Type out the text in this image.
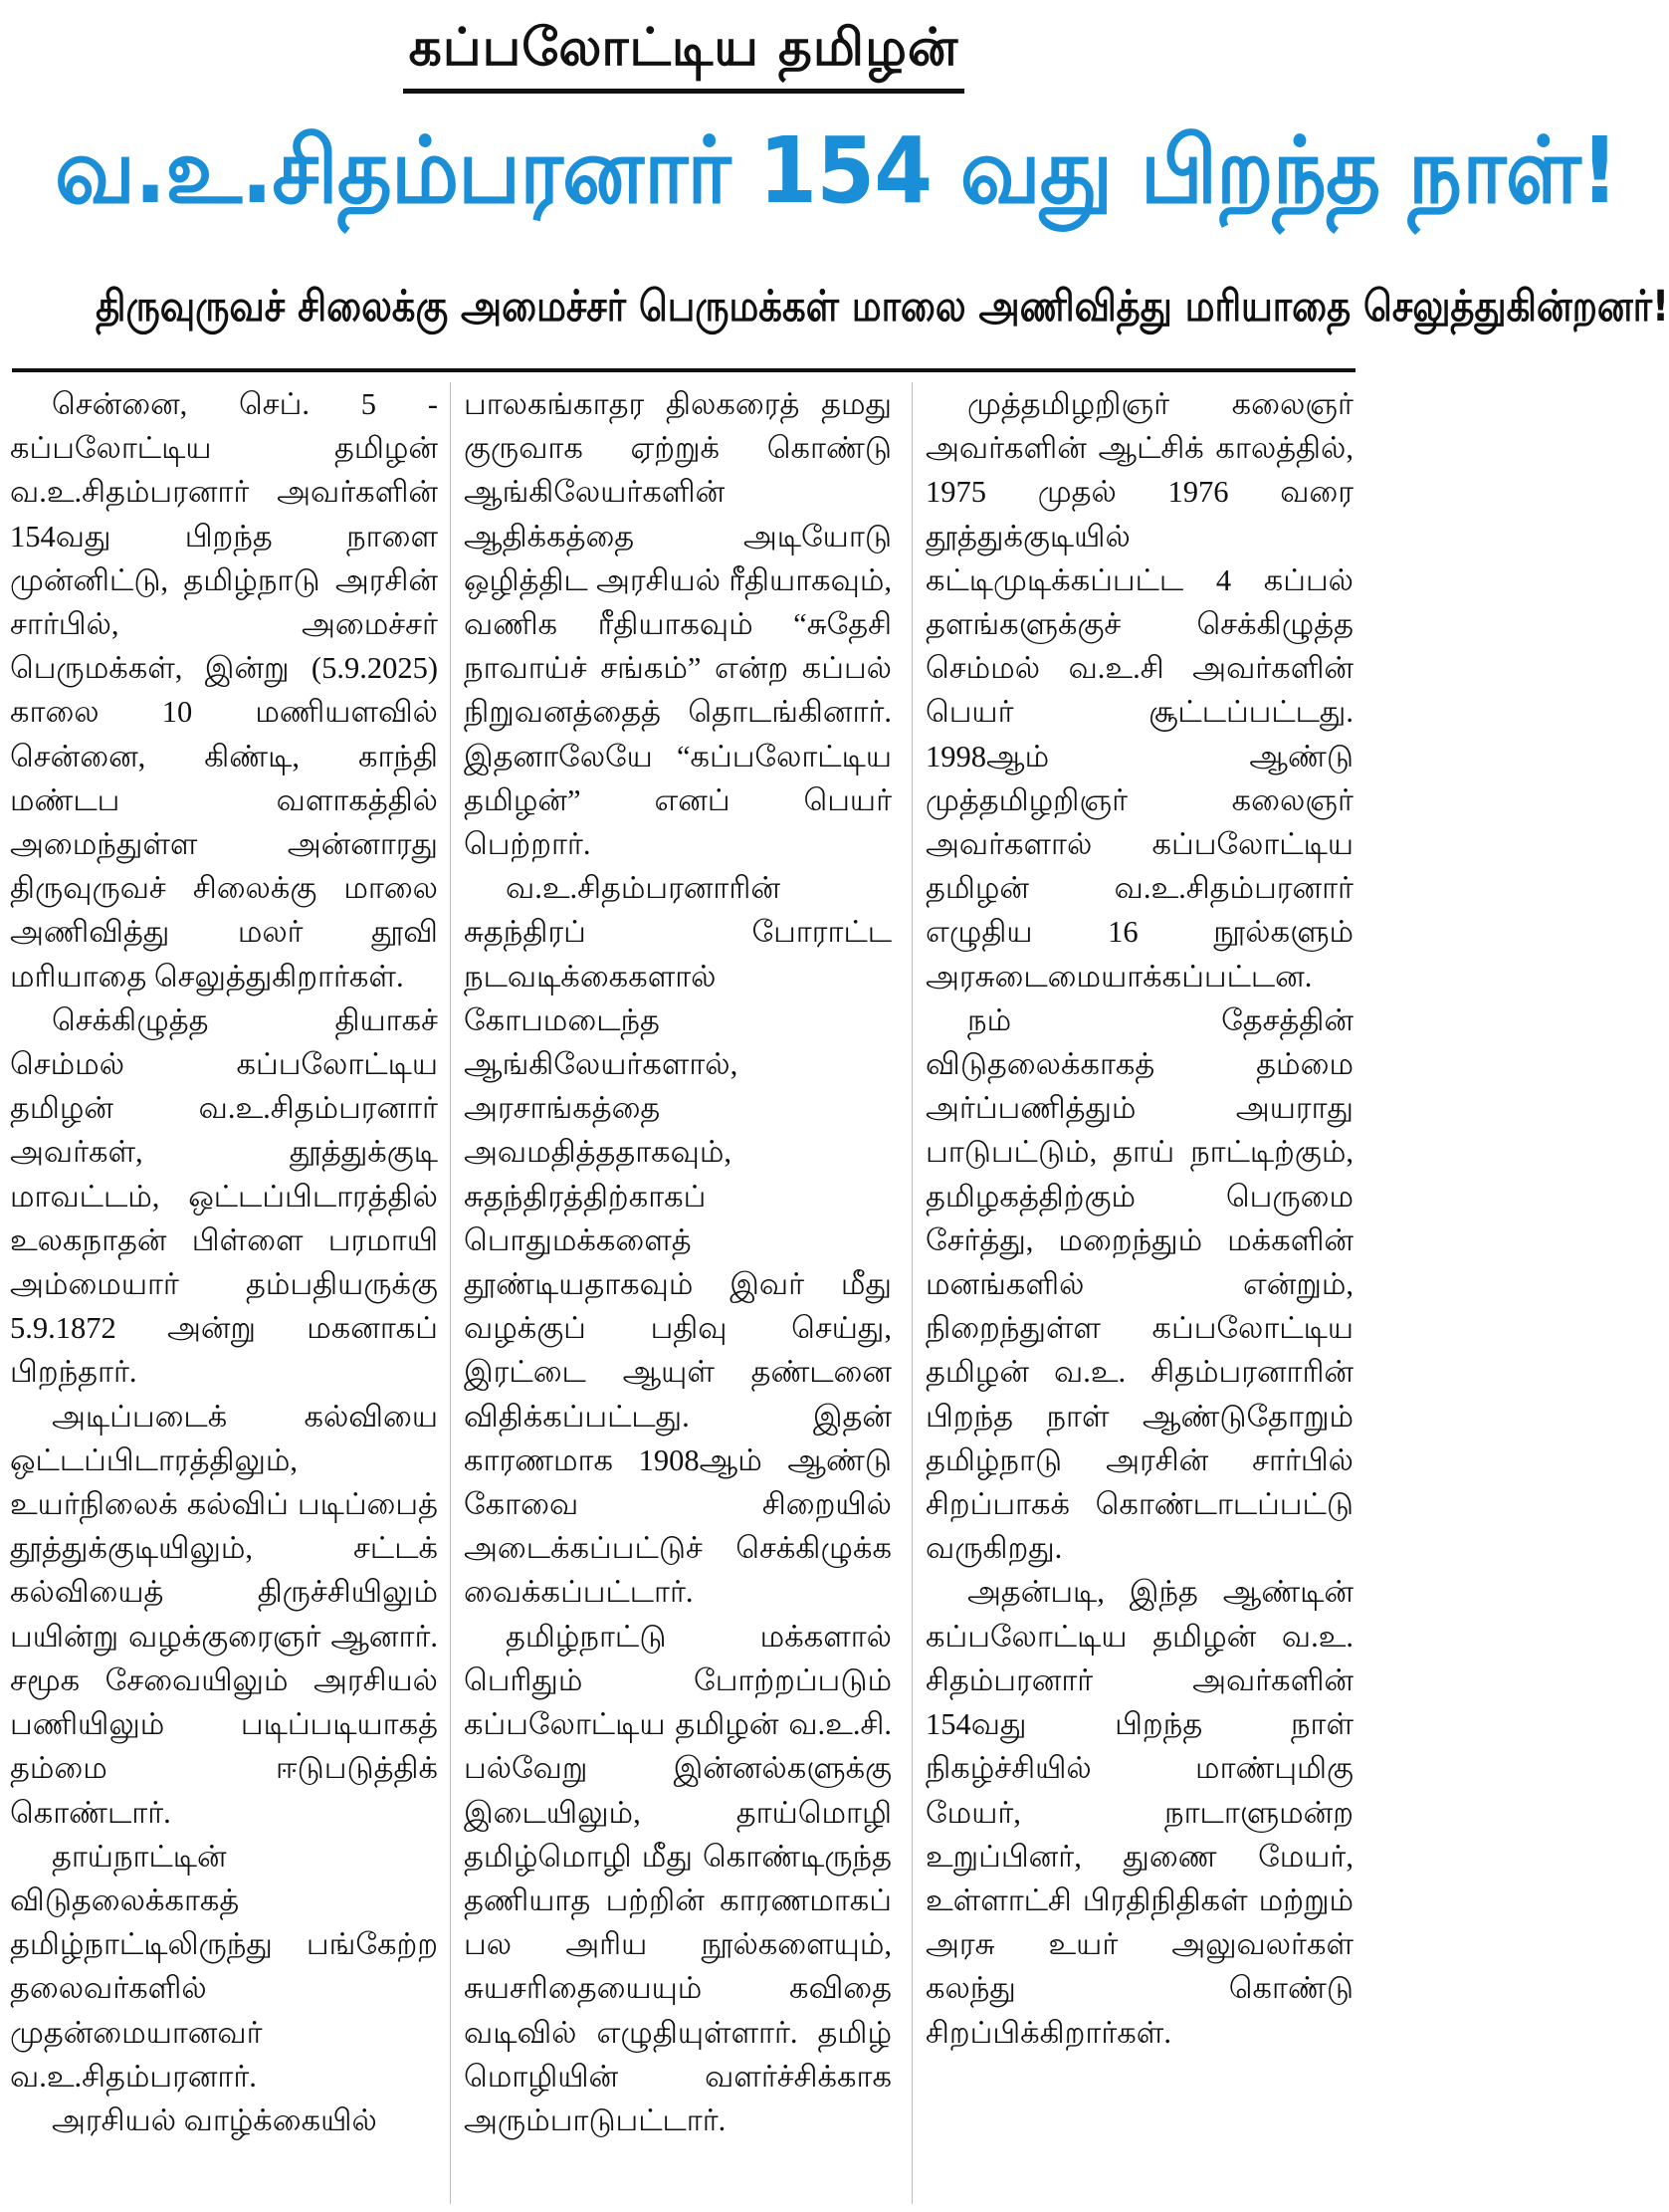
கப்பலோட்டிய தமிழன்
வ.உ.சிதம்பரனார் 154 வது பிறந்த நாள்!
திருவுருவச் சிலைக்கு அமைச்சர் பெருமக்கள் மாலை அணிவித்து மரியாதை செலுத்துகின்றனர்!

சென்னை, செப். 5 - கப்பலோட்டிய தமிழன் வ.உ.சிதம்பரனார் அவர்களின் 154வது பிறந்த நாளை முன்னிட்டு, தமிழ்நாடு அரசின் சார்பில், அமைச்சர் பெருமக்கள், இன்று (5.9.2025) காலை 10 மணியளவில் சென்னை, கிண்டி, காந்தி மண்டப வளாகத்தில் அமைந்துள்ள அன்னாரது திருவுருவச் சிலைக்கு மாலை அணிவித்து மலர் தூவி மரியாதை செலுத்துகிறார்கள்.

செக்கிழுத்த தியாகச் செம்மல் கப்பலோட்டிய தமிழன் வ.உ.சிதம்பரனார் அவர்கள், தூத்துக்குடி மாவட்டம், ஒட்டப்பிடாரத்தில் உலகநாதன் பிள்ளை பரமாயி அம்மையார் தம்பதியருக்கு 5.9.1872 அன்று மகனாகப் பிறந்தார்.

அடிப்படைக் கல்வியை ஒட்டப்பிடாரத்திலும், உயர்நிலைக் கல்விப் படிப்பைத் தூத்துக்குடியிலும், சட்டக் கல்வியைத் திருச்சியிலும் பயின்று வழக்குரைஞர் ஆனார். சமூக சேவையிலும் அரசியல் பணியிலும் படிப்படியாகத் தம்மை ஈடுபடுத்திக் கொண்டார்.

தாய்நாட்டின் விடுதலைக்காகத் தமிழ்நாட்டிலிருந்து பங்கேற்ற தலைவர்களில் முதன்மையானவர் வ.உ.சிதம்பரனார்.

அரசியல் வாழ்க்கையில்

பாலகங்காதர திலகரைத் தமது குருவாக ஏற்றுக் கொண்டு ஆங்கிலேயர்களின் ஆதிக்கத்தை அடியோடு ஒழித்திட அரசியல் ரீதியாகவும், வணிக ரீதியாகவும் “சுதேசி நாவாய்ச் சங்கம்” என்ற கப்பல் நிறுவனத்தைத் தொடங்கினார். இதனாலேயே “கப்பலோட்டிய தமிழன்” எனப் பெயர் பெற்றார்.

வ.உ.சிதம்பரனாரின் சுதந்திரப் போராட்ட நடவடிக்கைகளால் கோபமடைந்த ஆங்கிலேயர்களால், அரசாங்கத்தை அவமதித்ததாகவும், சுதந்திரத்திற்காகப் பொதுமக்களைத் தூண்டியதாகவும் இவர் மீது வழக்குப் பதிவு செய்து, இரட்டை ஆயுள் தண்டனை விதிக்கப்பட்டது. இதன் காரணமாக 1908ஆம் ஆண்டு கோவை சிறையில் அடைக்கப்பட்டுச் செக்கிழுக்க வைக்கப்பட்டார்.

தமிழ்நாட்டு மக்களால் பெரிதும் போற்றப்படும் கப்பலோட்டிய தமிழன் வ.உ.சி. பல்வேறு இன்னல்களுக்கு இடையிலும், தாய்மொழி தமிழ்மொழி மீது கொண்டிருந்த தணியாத பற்றின் காரணமாகப் பல அரிய நூல்களையும், சுயசரிதையையும் கவிதை வடிவில் எழுதியுள்ளார். தமிழ் மொழியின் வளர்ச்சிக்காக அரும்பாடுபட்டார்.

முத்தமிழறிஞர் கலைஞர் அவர்களின் ஆட்சிக் காலத்தில், 1975 முதல் 1976 வரை தூத்துக்குடியில் கட்டிமுடிக்கப்பட்ட 4 கப்பல் தளங்களுக்குச் செக்கிழுத்த செம்மல் வ.உ.சி அவர்களின் பெயர் சூட்டப்பட்டது. 1998ஆம் ஆண்டு முத்தமிழறிஞர் கலைஞர் அவர்களால் கப்பலோட்டிய தமிழன் வ.உ.சிதம்பரனார் எழுதிய 16 நூல்களும் அரசுடைமையாக்கப்பட்டன.

நம் தேசத்தின் விடுதலைக்காகத் தம்மை அர்ப்பணித்தும் அயராது பாடுபட்டும், தாய் நாட்டிற்கும், தமிழகத்திற்கும் பெருமை சேர்த்து, மறைந்தும் மக்களின் மனங்களில் என்றும், நிறைந்துள்ள கப்பலோட்டிய தமிழன் வ.உ. சிதம்பரனாரின் பிறந்த நாள் ஆண்டுதோறும் தமிழ்நாடு அரசின் சார்பில் சிறப்பாகக் கொண்டாடப்பட்டு வருகிறது.

அதன்படி, இந்த ஆண்டின் கப்பலோட்டிய தமிழன் வ.உ. சிதம்பரனார் அவர்களின் 154வது பிறந்த நாள் நிகழ்ச்சியில் மாண்புமிகு மேயர், நாடாளுமன்ற உறுப்பினர், துணை மேயர், உள்ளாட்சி பிரதிநிதிகள் மற்றும் அரசு உயர் அலுவலர்கள் கலந்து கொண்டு சிறப்பிக்கிறார்கள்.
